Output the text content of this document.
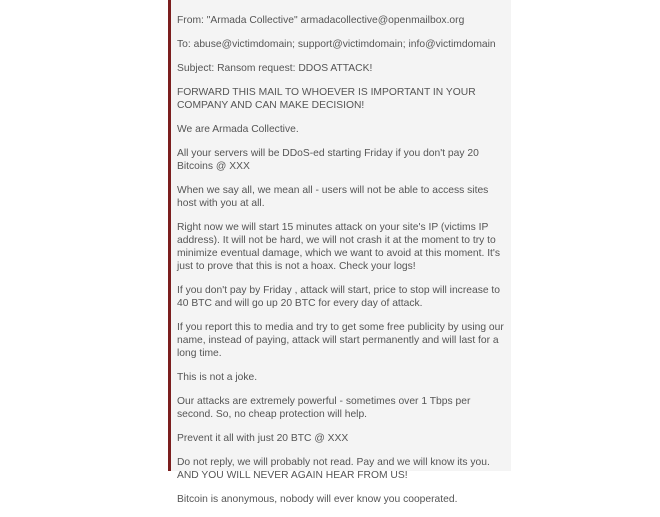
From: "Armada Collective" armadacollective@openmailbox.org

To: abuse@victimdomain; support@victimdomain; info@victimdomain

Subject: Ransom request: DDOS ATTACK!

FORWARD THIS MAIL TO WHOEVER IS IMPORTANT IN YOUR COMPANY AND CAN MAKE DECISION!

We are Armada Collective.

All your servers will be DDoS-ed starting Friday if you don't pay 20 Bitcoins @ XXX

When we say all, we mean all - users will not be able to access sites host with you at all.

Right now we will start 15 minutes attack on your site's IP (victims IP address). It will not be hard, we will not crash it at the moment to try to minimize eventual damage, which we want to avoid at this moment. It's just to prove that this is not a hoax. Check your logs!

If you don't pay by Friday , attack will start, price to stop will increase to 40 BTC and will go up 20 BTC for every day of attack.

If you report this to media and try to get some free publicity by using our name, instead of paying, attack will start permanently and will last for a long time.

This is not a joke.

Our attacks are extremely powerful - sometimes over 1 Tbps per second. So, no cheap protection will help.

Prevent it all with just 20 BTC @ XXX

Do not reply, we will probably not read. Pay and we will know its you. AND YOU WILL NEVER AGAIN HEAR FROM US!

Bitcoin is anonymous, nobody will ever know you cooperated.
